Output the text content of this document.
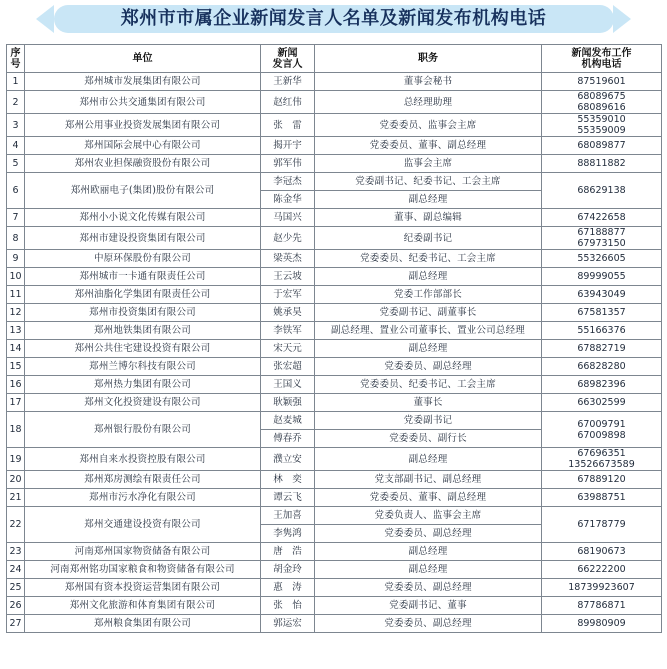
郑州市市属企业新闻发言人名单及新闻发布机构电话
序
号	单位	新闻
发言人	职务	新闻发布工作
机构电话

1	郑州城市发展集团有限公司	王新华	董事会秘书	87519601
2	郑州市公共交通集团有限公司	赵红伟	总经理助理	68089675
68089616

3	郑州公用事业投资发展集团有限公司	张　雷	党委委员、监事会主席	55359010
55359009

4	郑州国际会展中心有限公司	揭开宇	党委委员、董事、副总经理	68089877
5	郑州农业担保融资股份有限公司	郭军伟	监事会主席	88811882
6	郑州欧丽电子(集团)股份有限公司	李冠杰	党委副书记、纪委书记、工会主席	68629138
		陈金华	副总经理	
7	郑州小小说文化传媒有限公司	马国兴	董事、副总编辑	67422658
8	郑州市建设投资集团有限公司	赵少先	纪委副书记	67188877
67973150

9	中原环保股份有限公司	梁英杰	党委委员、纪委书记、工会主席	55326605
10	郑州城市一卡通有限责任公司	王云坡	副总经理	89999055
11	郑州油脂化学集团有限责任公司	于宏军	党委工作部部长	63943049
12	郑州市投资集团有限公司	姚承昊	党委副书记、副董事长	67581357
13	郑州地铁集团有限公司	李铁军	副总经理、置业公司董事长、置业公司总经理	55166376
14	郑州公共住宅建设投资有限公司	宋天元	副总经理	67882719
15	郑州兰博尔科技有限公司	张宏超	党委委员、副总经理	66828280
16	郑州热力集团有限公司	王国义	党委委员、纪委书记、工会主席	68982396
17	郑州文化投资建设有限公司	耿颖强	董事长	66302599
18	郑州银行股份有限公司	赵麦城	党委副书记	67009791
67009898

		傅春乔	党委委员、副行长	
19	郑州自来水投资控股有限公司	濮立安	副总经理	67696351
13526673589

20	郑州郑房测绘有限责任公司	林　奕	党支部副书记、副总经理	67889120
21	郑州市污水净化有限公司	谭云飞	党委委员、董事、副总经理	63988751
22	郑州交通建设投资有限公司	王加喜	党委负责人、监事会主席	67178779
		李隽鸿	党委委员、副总经理	
23	河南郑州国家物资储备有限公司	唐　浩	副总经理	68190673
24	河南郑州铭功国家粮食和物资储备有限公司	胡金玲	副总经理	66222200
25	郑州国有资本投资运营集团有限公司	惠　涛	党委委员、副总经理	18739923607
26	郑州文化旅游和体育集团有限公司	张　怡	党委副书记、董事	87786871
27	郑州粮食集团有限公司	郭运宏	党委委员、副总经理	89980909
